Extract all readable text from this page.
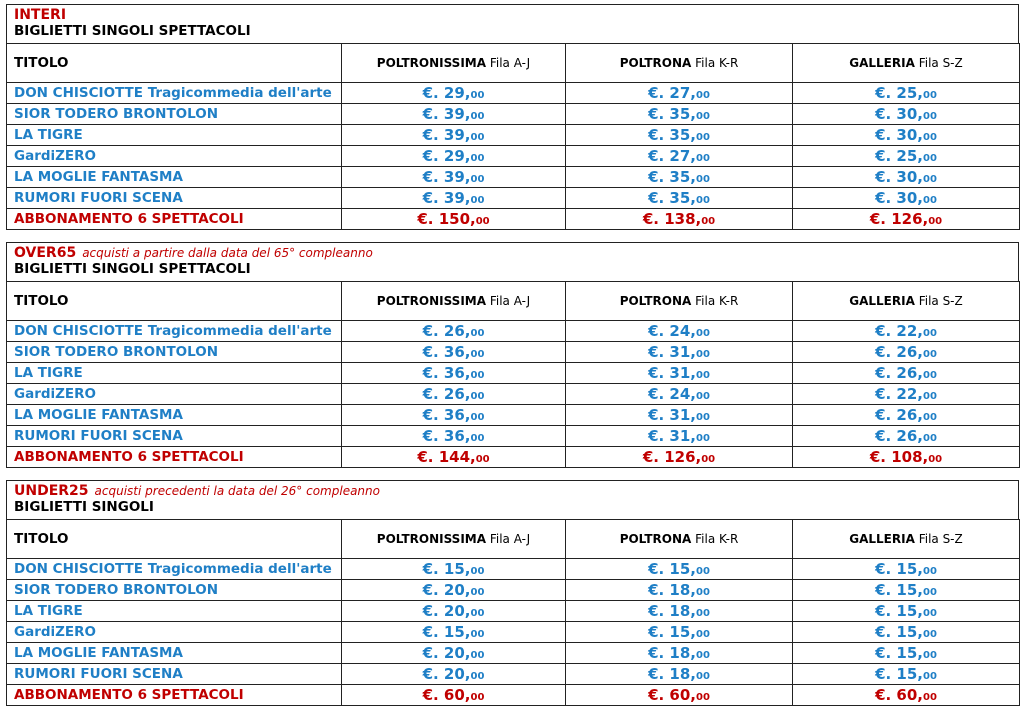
INTERI
BIGLIETTI SINGOLI SPETTACOLI
TITOLO	POLTRONISSIMA Fila A-J	POLTRONA Fila K-R	GALLERIA Fila S-Z
DON CHISCIOTTE Tragicommedia dell'arte	€. 29,00	€. 27,00	€. 25,00
SIOR TODERO BRONTOLON	€. 39,00	€. 35,00	€. 30,00
LA TIGRE	€. 39,00	€. 35,00	€. 30,00
GardiZERO	€. 29,00	€. 27,00	€. 25,00
LA MOGLIE FANTASMA	€. 39,00	€. 35,00	€. 30,00
RUMORI FUORI SCENA	€. 39,00	€. 35,00	€. 30,00
ABBONAMENTO 6 SPETTACOLI	€. 150,00	€. 138,00	€. 126,00
OVER65 acquisti a partire dalla data del 65° compleanno
BIGLIETTI SINGOLI SPETTACOLI
TITOLO	POLTRONISSIMA Fila A-J	POLTRONA Fila K-R	GALLERIA Fila S-Z
DON CHISCIOTTE Tragicommedia dell'arte	€. 26,00	€. 24,00	€. 22,00
SIOR TODERO BRONTOLON	€. 36,00	€. 31,00	€. 26,00
LA TIGRE	€. 36,00	€. 31,00	€. 26,00
GardiZERO	€. 26,00	€. 24,00	€. 22,00
LA MOGLIE FANTASMA	€. 36,00	€. 31,00	€. 26,00
RUMORI FUORI SCENA	€. 36,00	€. 31,00	€. 26,00
ABBONAMENTO 6 SPETTACOLI	€. 144,00	€. 126,00	€. 108,00
UNDER25 acquisti precedenti la data del 26° compleanno
BIGLIETTI SINGOLI
TITOLO	POLTRONISSIMA Fila A-J	POLTRONA Fila K-R	GALLERIA Fila S-Z
DON CHISCIOTTE Tragicommedia dell'arte	€. 15,00	€. 15,00	€. 15,00
SIOR TODERO BRONTOLON	€. 20,00	€. 18,00	€. 15,00
LA TIGRE	€. 20,00	€. 18,00	€. 15,00
GardiZERO	€. 15,00	€. 15,00	€. 15,00
LA MOGLIE FANTASMA	€. 20,00	€. 18,00	€. 15,00
RUMORI FUORI SCENA	€. 20,00	€. 18,00	€. 15,00
ABBONAMENTO 6 SPETTACOLI	€. 60,00	€. 60,00	€. 60,00
